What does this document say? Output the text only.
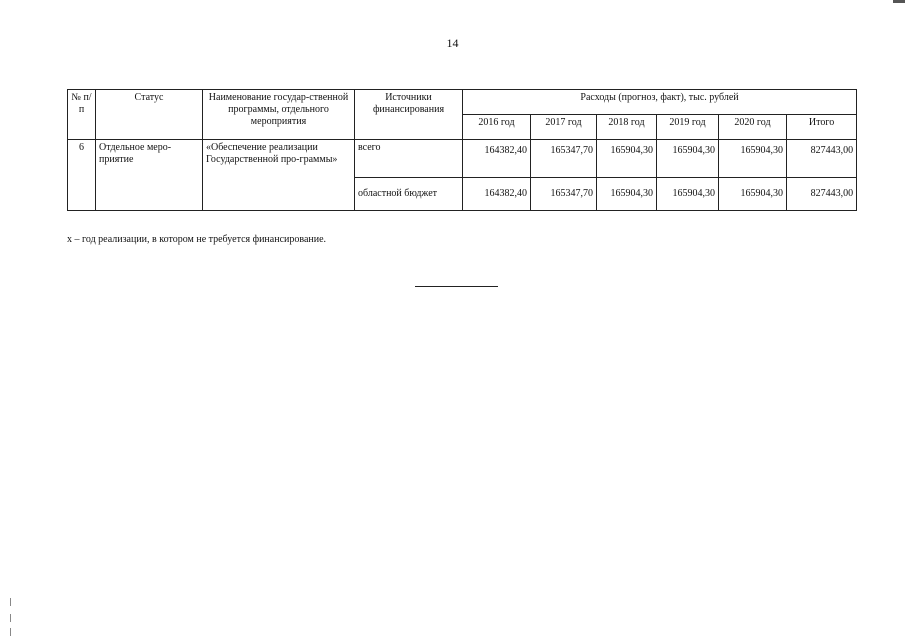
14
№ п/п	Статус	Наименование государ-ственной программы, отдельного мероприятия	Источники финансирования	Расходы (прогноз, факт), тыс. рублей					
				2016 год	2017 год	2018 год	2019 год	2020 год	Итого
6	Отдельное меро-приятие	«Обеспечение реализации Государственной про-граммы»	всего	164382,40	165347,70	165904,30	165904,30	165904,30	827443,00
			областной бюджет	164382,40	165347,70	165904,30	165904,30	165904,30	827443,00
х – год реализации, в котором не требуется финансирование.
